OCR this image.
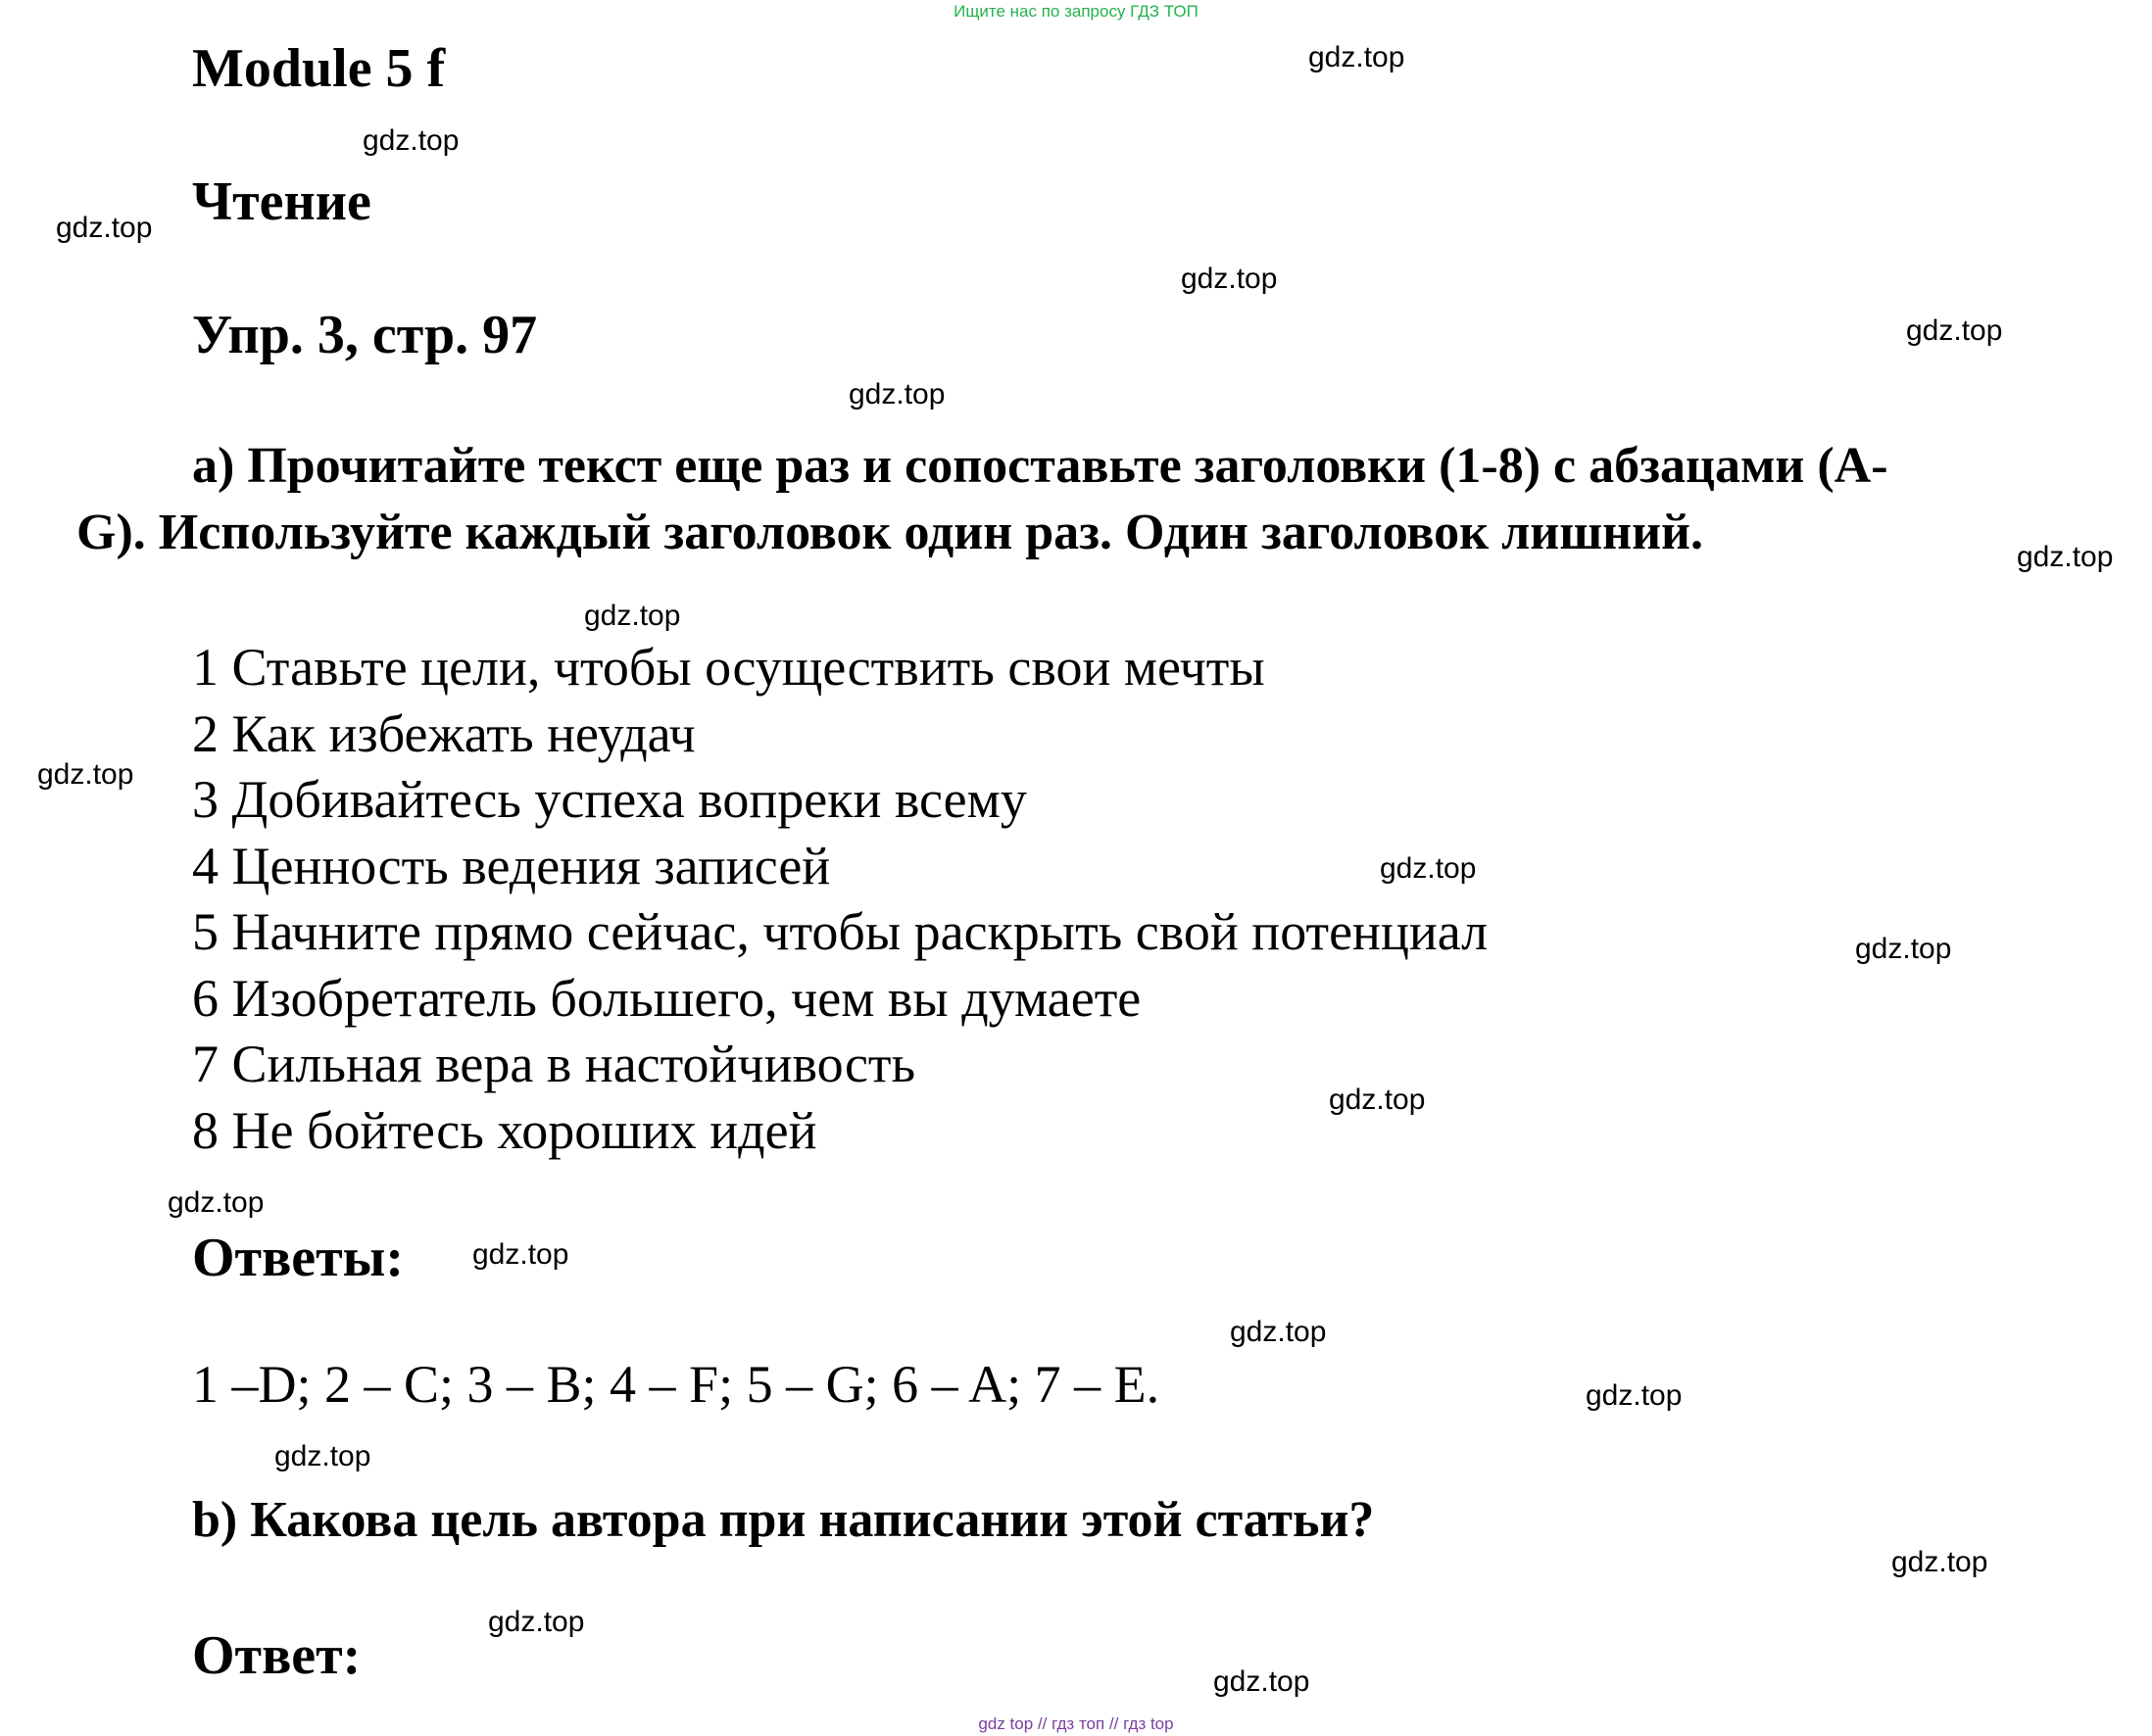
Ищите нас по запросу ГДЗ ТОП
Module 5 f
Чтение
Упр. 3, стр. 97
a) Прочитайте текст еще раз и сопоставьте заголовки (1-8) с абзацами (A-
G). Используйте каждый заголовок один раз. Один заголовок лишний.
1 Ставьте цели, чтобы осуществить свои мечты
2 Как избежать неудач
3 Добивайтесь успеха вопреки всему
4 Ценность ведения записей
5 Начните прямо сейчас, чтобы раскрыть свой потенциал
6 Изобретатель большего, чем вы думаете
7 Сильная вера в настойчивость
8 Не бойтесь хороших идей
Ответы:
1 –D; 2 – C; 3 – B; 4 – F; 5 – G; 6 – A; 7 – E.
b) Какова цель автора при написании этой статьи?
Ответ:
gdz top // гдз топ // гдз top
gdz.top
gdz.top
gdz.top
gdz.top
gdz.top
gdz.top
gdz.top
gdz.top
gdz.top
gdz.top
gdz.top
gdz.top
gdz.top
gdz.top
gdz.top
gdz.top
gdz.top
gdz.top
gdz.top
gdz.top
